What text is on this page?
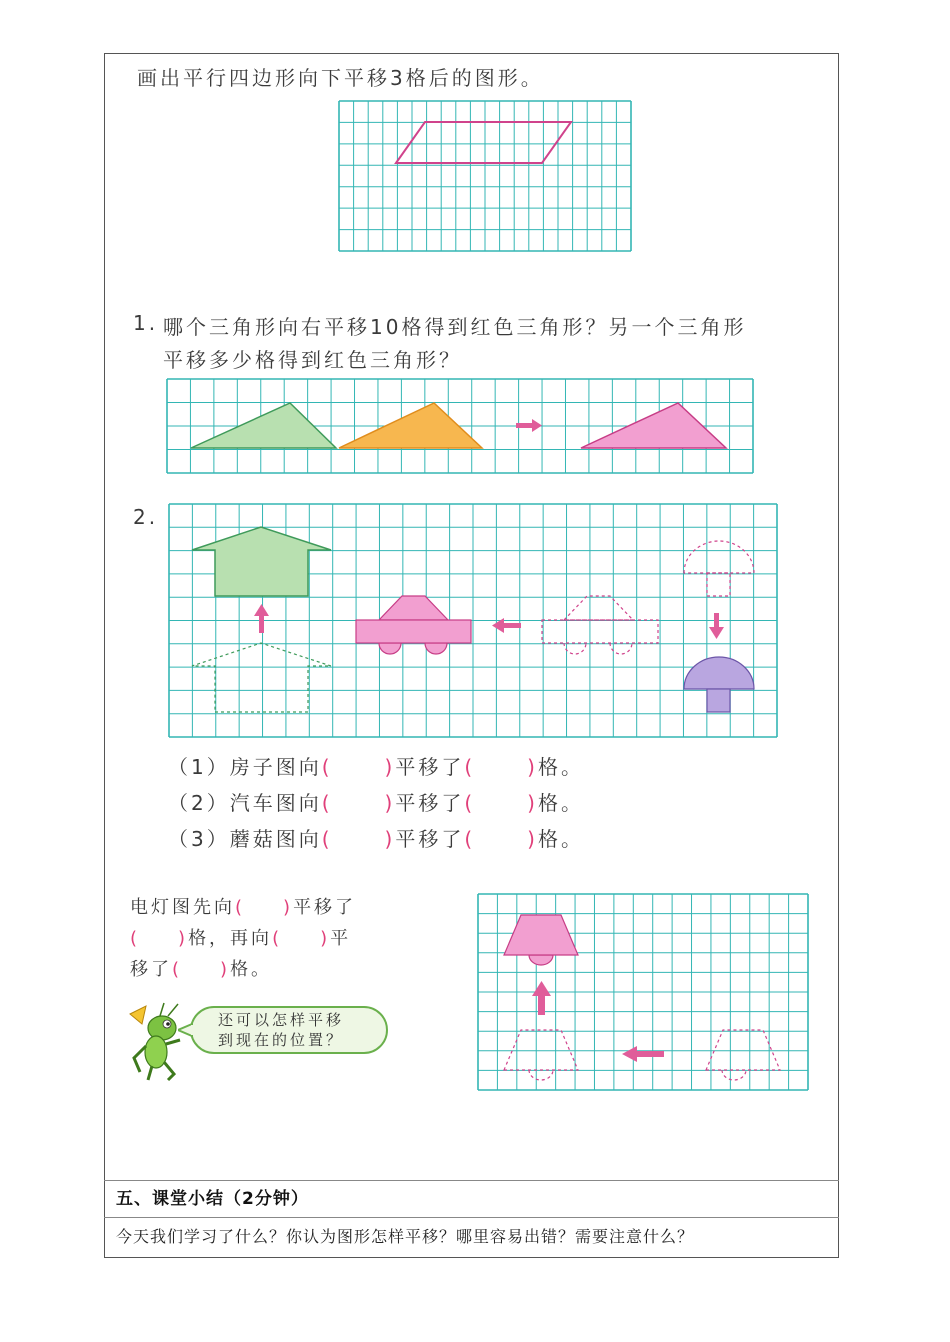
画出平行四边形向下平移3格后的图形。
1. 哪个三角形向右平移10格得到红色三角形？另一个三角形
平移多少格得到红色三角形？
2.
（1）房子图向(	)平移了(	)格。
（2）汽车图向(	)平移了(	)格。
（3）蘑菇图向(	)平移了(	)格。
电灯图先向( )平移了
( )格，再向( )平
移了( )格。
还可以怎样平移
到现在的位置？
五、课堂小结（2分钟）
今天我们学习了什么？你认为图形怎样平移？哪里容易出错？需要注意什么？
